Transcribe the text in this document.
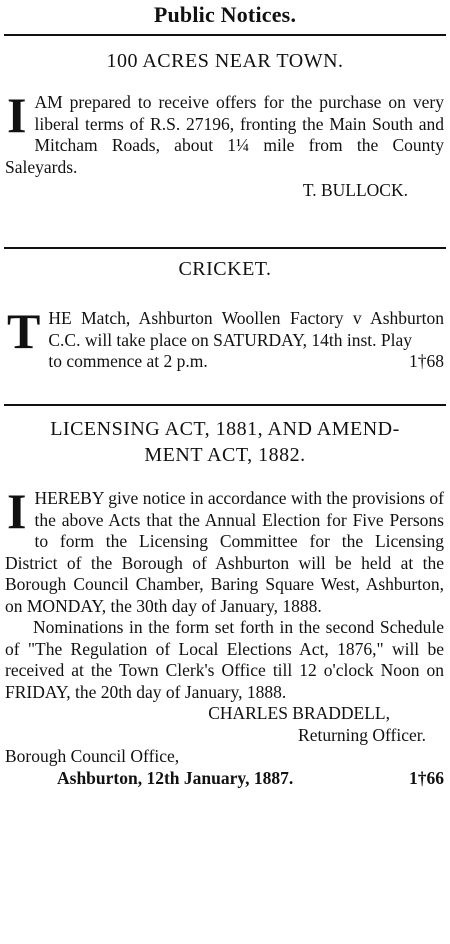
Public Notices.
100 ACRES NEAR TOWN.
I AM prepared to receive offers for the purchase on very liberal terms of R.S. 27196, fronting the Main South and Mitcham Roads, about 1¼ mile from the County Saleyards.
T. BULLOCK.
CRICKET.
T HE Match, Ashburton Woollen Factory v Ashburton C.C. will take place on SATURDAY, 14th inst. Play
to commence at 2 p.m.	1†68
LICENSING ACT, 1881, AND AMEND-
MENT ACT, 1882.
I HEREBY give notice in accordance with the provisions of the above Acts that the Annual Election for Five Persons to form the Licensing Committee for the Licensing District of the Borough of Ashburton will be held at the Borough Council Chamber, Baring Square West, Ashburton, on MONDAY, the 30th day of January, 1888.
Nominations in the form set forth in the second Schedule of "The Regulation of Local Elections Act, 1876," will be received at the Town Clerk's Office till 12 o'clock Noon on FRIDAY, the 20th day of January, 1888.
CHARLES BRADDELL,
Returning Officer.
Borough Council Office,
Ashburton, 12th January, 1887.	1†66
